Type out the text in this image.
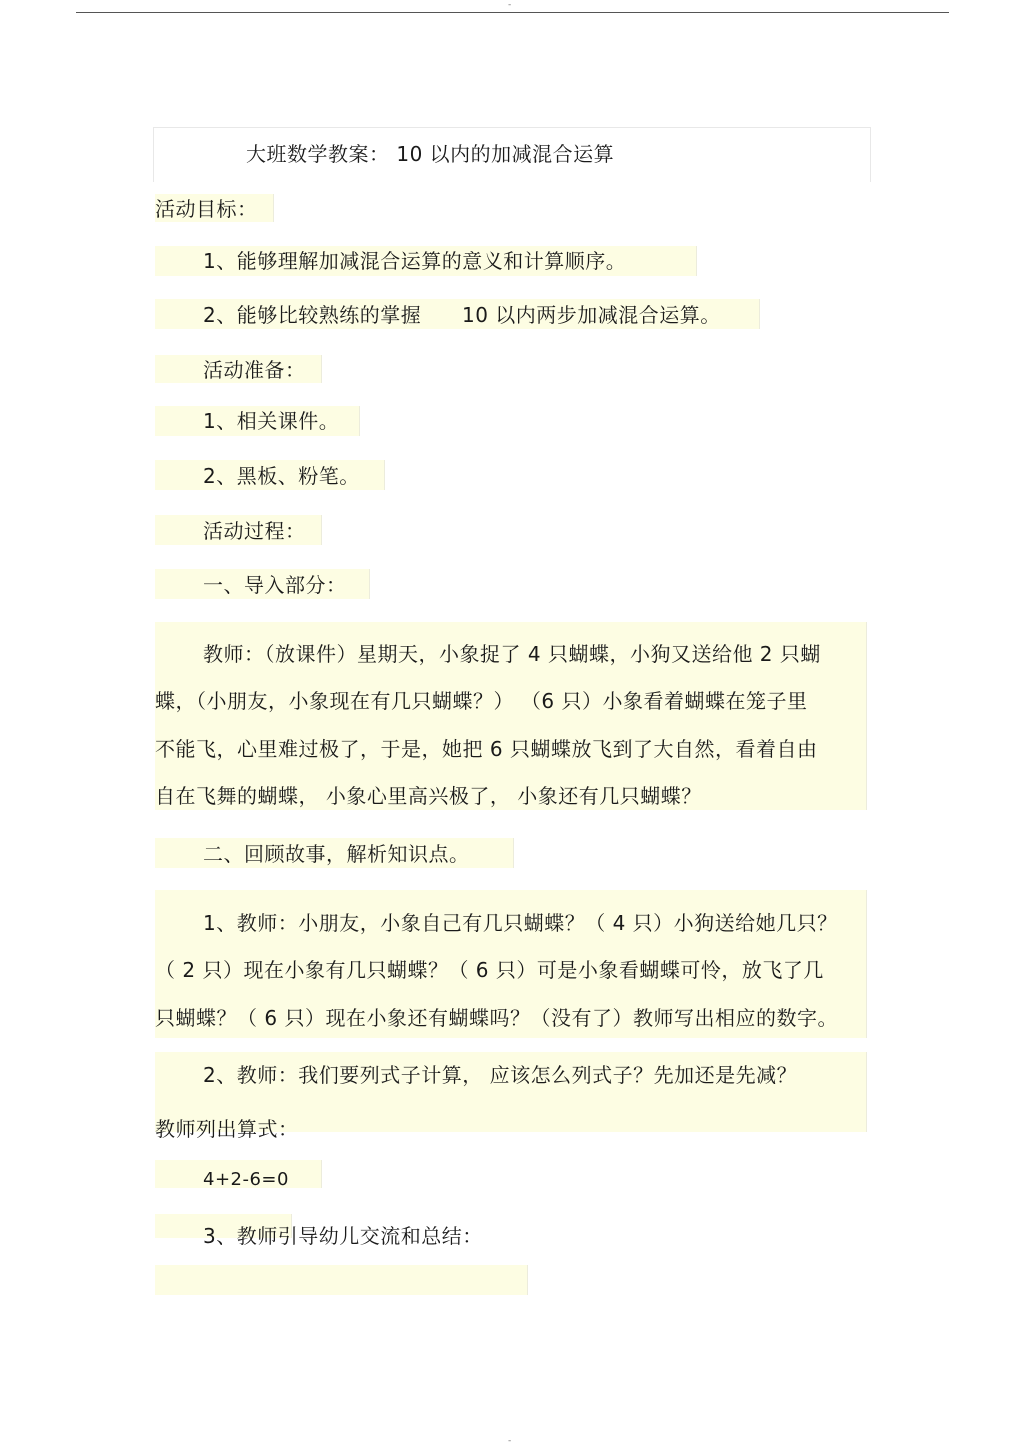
-
大班数学教案： 10 以内的加减混合运算
活动目标：
1、能够理解加减混合运算的意义和计算顺序。
2、能够比较熟练的掌握 10 以内两步加减混合运算。
活动准备：
1、相关课件。
2、黑板、粉笔。
活动过程：
一、导入部分：
教师：（放课件）星期天，小象捉了 4 只蝴蝶，小狗又送给他 2 只蝴
蝶，（小朋友，小象现在有几只蝴蝶？） （6 只）小象看着蝴蝶在笼子里
不能飞，心里难过极了，于是，她把 6 只蝴蝶放飞到了大自然，看着自由
自在飞舞的蝴蝶， 小象心里高兴极了， 小象还有几只蝴蝶？
二、回顾故事，解析知识点。
1、教师：小朋友，小象自己有几只蝴蝶？（ 4 只）小狗送给她几只？
（ 2 只）现在小象有几只蝴蝶？（ 6 只）可是小象看蝴蝶可怜，放飞了几
只蝴蝶？（ 6 只）现在小象还有蝴蝶吗？（没有了）教师写出相应的数字。
2、教师：我们要列式子计算， 应该怎么列式子？先加还是先减？
教师列出算式：
4+2-6=0
3、教师引导幼儿交流和总结：
-
